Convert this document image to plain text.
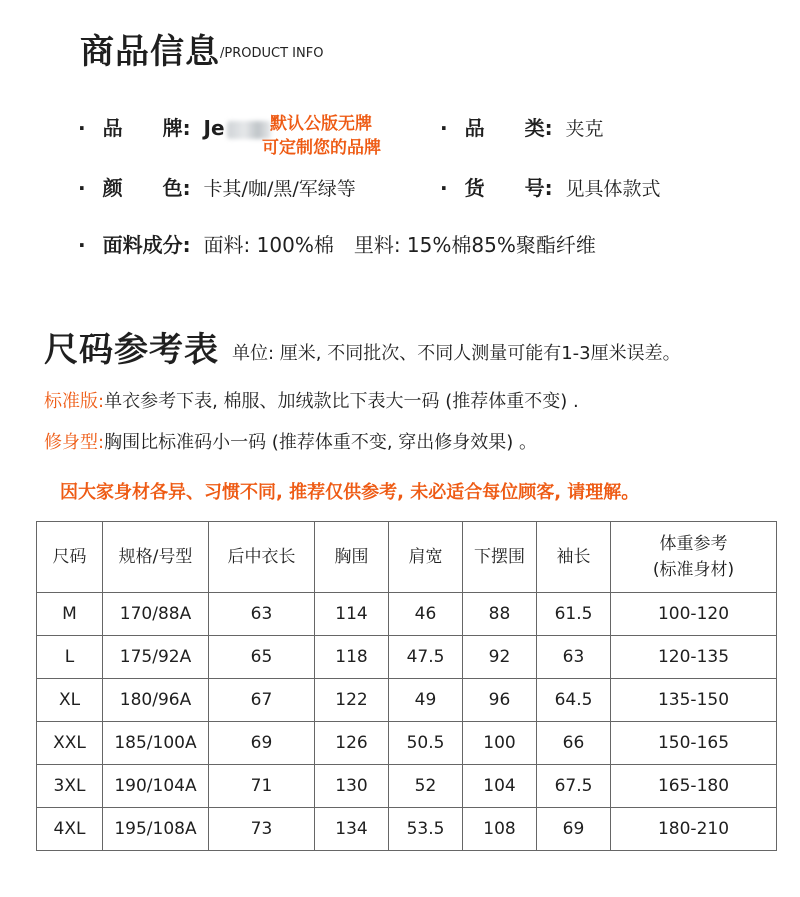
商品信息 /PRODUCT INFO
· 品　　牌: Je	默认公版无牌
可定制您的品牌
· 品　　类: 夹克
· 颜　　色: 卡其/咖/黑/军绿等	· 货　　号: 见具体款式
· 面料成分: 面料: 100%棉　里料: 15%棉85%聚酯纤维
尺码参考表 单位: 厘米, 不同批次、不同人测量可能有1-3厘米误差。
标准版:单衣参考下表, 棉服、加绒款比下表大一码 (推荐体重不变) .
修身型:胸围比标准码小一码 (推荐体重不变, 穿出修身效果) 。
因大家身材各异、习惯不同, 推荐仅供参考, 未必适合每位顾客, 请理解。
尺码	规格/号型	后中衣长	胸围	肩宽	下摆围	袖长	体重参考
(标准身材)

M	170/88A	63	114	46	88	61.5	100-120
L	175/92A	65	118	47.5	92	63	120-135
XL	180/96A	67	122	49	96	64.5	135-150
XXL	185/100A	69	126	50.5	100	66	150-165
3XL	190/104A	71	130	52	104	67.5	165-180
4XL	195/108A	73	134	53.5	108	69	180-210
